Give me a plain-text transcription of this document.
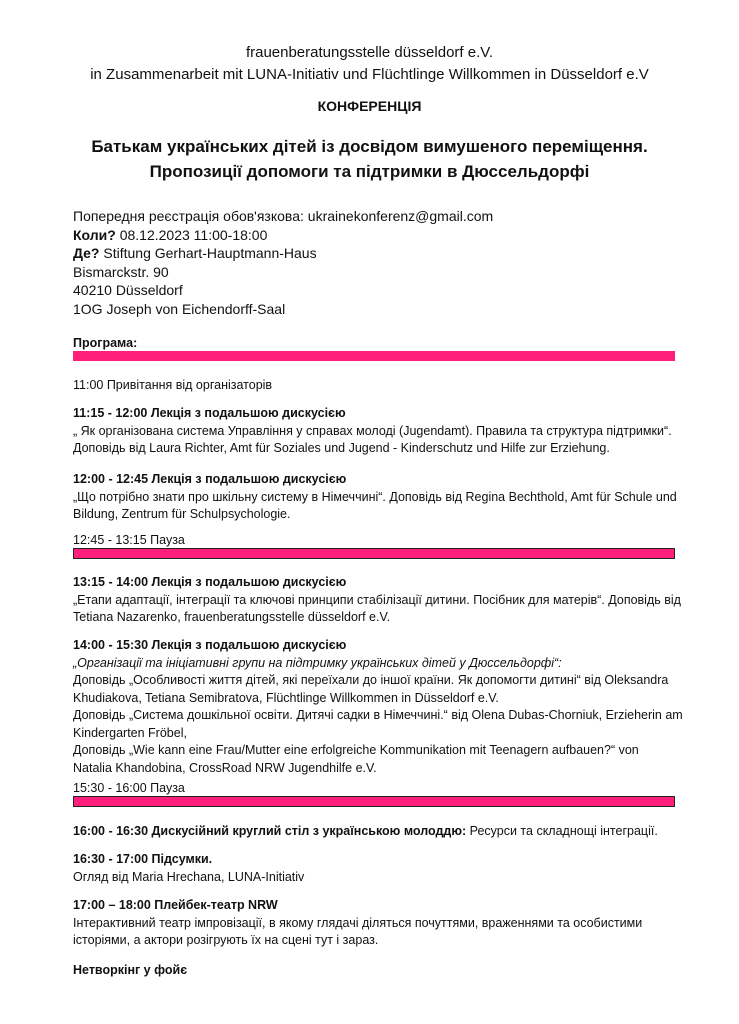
frauenberatungsstelle düsseldorf e.V.
in Zusammenarbeit mit LUNA-Initiativ und Flüchtlinge Willkommen in Düsseldorf e.V
КОНФЕРЕНЦІЯ
Батькам українських дітей із досвідом вимушеного переміщення.
Пропозиції допомоги та підтримки в Дюссельдорфі
Попередня реєстрація обов'язкова: ukrainekonferenz@gmail.com
Коли? 08.12.2023 11:00-18:00
Де? Stiftung Gerhart-Hauptmann-Haus
Bismarckstr. 90
40210 Düsseldorf
1OG Joseph von Eichendorff-Saal
Програма:
11:00 Привітання від організаторів
11:15 - 12:00 Лекція з подальшою дискусією
„ Як організована система Управління у справах молоді (Jugendamt). Правила та структура підтримки“.
Доповідь від Laura Richter, Amt für Soziales und Jugend - Kinderschutz und Hilfe zur Erziehung.
12:00 - 12:45 Лекція з подальшою дискусією
„Що потрібно знати про шкільну систему в Німеччині“. Доповідь від Regina Bechthold, Amt für Schule und
Bildung, Zentrum für Schulpsychologie.
12:45 - 13:15 Пауза
13:15 - 14:00 Лекція з подальшою дискусією
„Етапи адаптації, інтеграції та ключові принципи стабілізації дитини. Посібник для матерів“. Доповідь від
Tetiana Nazarenko, frauenberatungsstelle düsseldorf e.V.
14:00 - 15:30 Лекція з подальшою дискусією
„Організації та ініціативні групи на підтримку українських дітей у Дюссельдорфі“:
Доповідь „Особливості життя дітей, які переїхали до іншої країни. Як допомогти дитині“ від Oleksandra
Khudiakova, Tetiana Semibratova, Flüchtlinge Willkommen in Düsseldorf e.V.
Доповідь „Система дошкільної освіти. Дитячі садки в Німеччині.“ від Olena Dubas-Chorniuk, Erzieherin am
Kindergarten Fröbel,
Доповідь „Wie kann eine Frau/Mutter eine erfolgreiche Kommunikation mit Teenagern aufbauen?“ von
Natalia Khandobina, CrossRoad NRW Jugendhilfe e.V.
15:30 - 16:00 Пауза
16:00 - 16:30 Дискусійний круглий стіл з українською молоддю: Ресурси та складнощі інтеграції.
16:30 - 17:00 Підсумки.
Огляд від Maria Hrechana, LUNA-Initiativ
17:00 – 18:00 Плейбек-театр NRW
Інтерактивний театр імпровізації, в якому глядачі діляться почуттями, враженнями та особистими
історіями, а актори розігрують їх на сцені тут і зараз.
Нетворкінг у фойє
